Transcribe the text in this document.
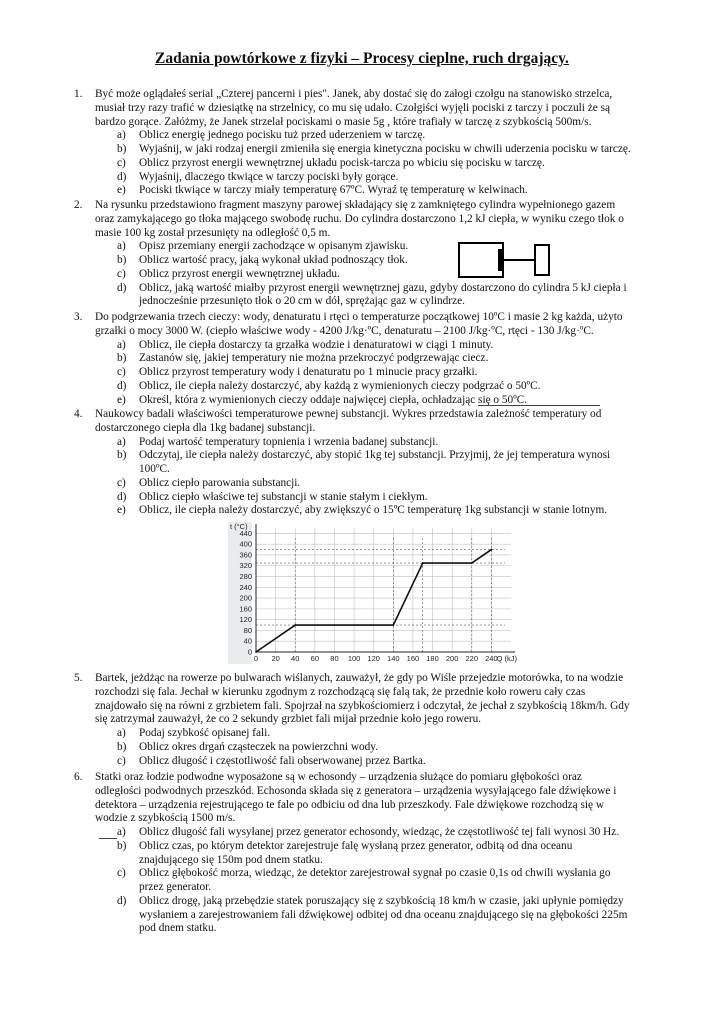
Zadania powtórkowe z fizyki – Procesy cieplne, ruch drgający.
1. Być może oglądałeś serial „Czterej pancerni i pies". Janek, aby dostać się do załogi czołgu na stanowisko strzelca,
musiał trzy razy trafić w dziesiątkę na strzelnicy, co mu się udało. Czołgiści wyjęli pociski z tarczy i poczuli że są
bardzo gorące. Załóżmy, że Janek strzelał pociskami o masie 5g , które trafiały w tarczę z szybkością 500m/s.
a) Oblicz energię jednego pocisku tuż przed uderzeniem w tarczę.
b) Wyjaśnij, w jaki rodzaj energii zmieniła się energia kinetyczna pocisku w chwili uderzenia pocisku w tarczę.
c) Oblicz przyrost energii wewnętrznej układu pocisk-tarcza po wbiciu się pocisku w tarczę.
d) Wyjaśnij, dlaczego tkwiące w tarczy pociski były gorące.
e) Pociski tkwiące w tarczy miały temperaturę 67ºC. Wyraź tę temperaturę w kelwinach.
2. Na rysunku przedstawiono fragment maszyny parowej składający się z zamkniętego cylindra wypełnionego gazem
oraz zamykającego go tłoka mającego swobodę ruchu. Do cylindra dostarczono 1,2 kJ ciepła, w wyniku czego tłok o
masie 100 kg został przesunięty na odległość 0,5 m.
a) Opisz przemiany energii zachodzące w opisanym zjawisku.
b) Oblicz wartość pracy, jaką wykonał układ podnoszący tłok.
c) Oblicz przyrost energii wewnętrznej układu.
d) Oblicz, jaką wartość miałby przyrost energii wewnętrznej gazu, gdyby dostarczono do cylindra 5 kJ ciepła i
jednocześnie przesunięto tłok o 20 cm w dół, sprężając gaz w cylindrze.
3. Do podgrzewania trzech cieczy: wody, denaturatu i rtęci o temperaturze początkowej 10ºC i masie 2 kg każda, użyto
grzałki o mocy 3000 W. (ciepło właściwe wody - 4200 J/kg·ºC, denaturatu – 2100 J/kg·ºC, rtęci - 130 J/kg·ºC.
a) Oblicz, ile ciepła dostarczy ta grzałka wodzie i denaturatowi w ciągi 1 minuty.
b) Zastanów się, jakiej temperatury nie można przekroczyć podgrzewając ciecz.
c) Oblicz przyrost temperatury wody i denaturatu po 1 minucie pracy grzałki.
d) Oblicz, ile ciepła należy dostarczyć, aby każdą z wymienionych cieczy podgrzać o 50ºC.
e) Określ, która z wymienionych cieczy oddaje najwięcej ciepła, ochładzając się o 50ºC.
4. Naukowcy badali właściwości temperaturowe pewnej substancji. Wykres przedstawia zależność temperatury od
dostarczonego ciepła dla 1kg badanej substancji.
a) Podaj wartość temperatury topnienia i wrzenia badanej substancji.
b) Odczytaj, ile ciepła należy dostarczyć, aby stopić 1kg tej substancji. Przyjmij, że jej temperatura wynosi
100ºC.
c) Oblicz ciepło parowania substancji.
d) Oblicz ciepło właściwe tej substancji w stanie stałym i ciekłym.
e) Oblicz, ile ciepła należy dostarczyć, aby zwiększyć o 15ºC temperaturę 1kg substancji w stanie lotnym.
5. Bartek, jeżdżąc na rowerze po bulwarach wiślanych, zauważył, że gdy po Wiśle przejedzie motorówka, to na wodzie
rozchodzi się fala. Jechał w kierunku zgodnym z rozchodzącą się falą tak, że przednie koło roweru cały czas
znajdowało się na równi z grzbietem fali. Spojrzał na szybkościomierz i odczytał, że jechał z szybkością 18km/h. Gdy
się zatrzymał zauważył, że co 2 sekundy grzbiet fali mijał przednie koło jego roweru.
a) Podaj szybkość opisanej fali.
b) Oblicz okres drgań cząsteczek na powierzchni wody.
c) Oblicz długość i częstotliwość fali obserwowanej przez Bartka.
6. Statki oraz łodzie podwodne wyposażone są w echosondy – urządzenia służące do pomiaru głębokości oraz
odległości podwodnych przeszkód. Echosonda składa się z generatora – urządzenia wysyłającego fale dźwiękowe i
detektora – urządzenia rejestrującego te fale po odbiciu od dna lub przeszkody. Fale dźwiękowe rozchodzą się w
wodzie z szybkością 1500 m/s.
a) Oblicz długość fali wysyłanej przez generator echosondy, wiedząc, że częstotliwość tej fali wynosi 30 Hz.
b) Oblicz czas, po którym detektor zarejestruje falę wysłaną przez generator, odbitą od dna oceanu
znajdującego się 150m pod dnem statku.
c) Oblicz głębokość morza, wiedząc, że detektor zarejestrował sygnał po czasie 0,1s od chwili wysłania go
przez generator.
d) Oblicz drogę, jaką przebędzie statek poruszający się z szybkością 18 km/h w czasie, jaki upłynie pomiędzy
wysłaniem a zarejestrowaniem fali dźwiękowej odbitej od dna oceanu znajdującego się na głębokości 225m
pod dnem statku.
0
40
80
120
160
200
240
280
320
360
400
440
0 20 40 60 80 100 120 140 160 180 200 220 240
t (°C)
Q (kJ)
